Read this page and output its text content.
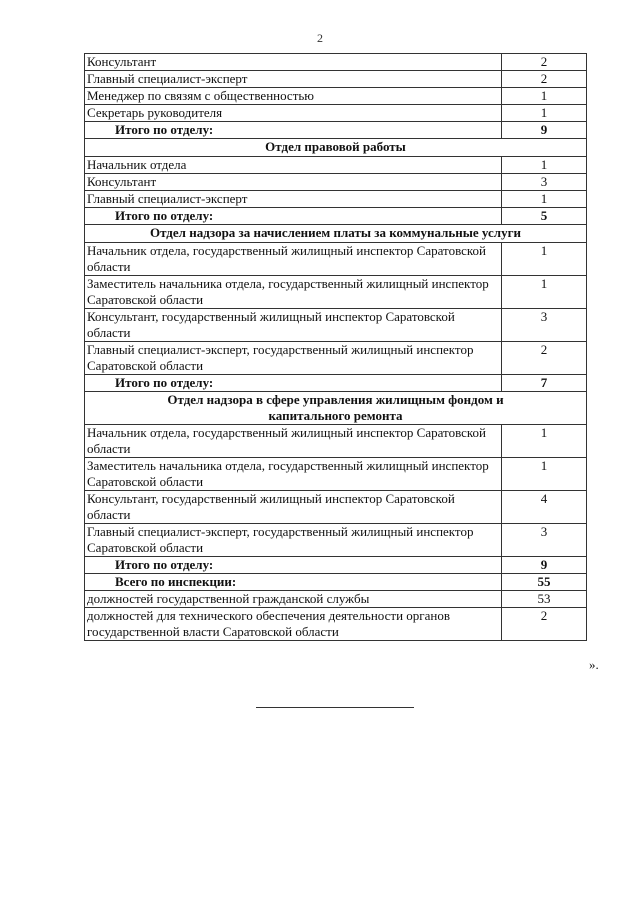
2
Консультант	2
Главный специалист-эксперт	2
Менеджер по связям с общественностью	1
Секретарь руководителя	1
Итого по отделу:	9
Отдел правовой работы	
Начальник отдела	1
Консультант	3
Главный специалист-эксперт	1
Итого по отделу:	5
Отдел надзора за начислением платы за коммунальные услуги	
Начальник отдела, государственный жилищный инспектор Саратовской области	1
Заместитель начальника отдела, государственный жилищный инспектор Саратовской области	1
Консультант, государственный жилищный инспектор Саратовской области	3
Главный специалист-эксперт, государственный жилищный инспектор Саратовской области	2
Итого по отделу:	7
Отдел надзора в сфере управления жилищным фондом и капитального ремонта	
Начальник отдела, государственный жилищный инспектор Саратовской области	1
Заместитель начальника отдела, государственный жилищный инспектор Саратовской области	1
Консультант, государственный жилищный инспектор Саратовской области	4
Главный специалист-эксперт, государственный жилищный инспектор Саратовской области	3
Итого по отделу:	9
Всего по инспекции:	55
должностей государственной гражданской службы	53
должностей для технического обеспечения деятельности органов государственной власти Саратовской области	2
».
